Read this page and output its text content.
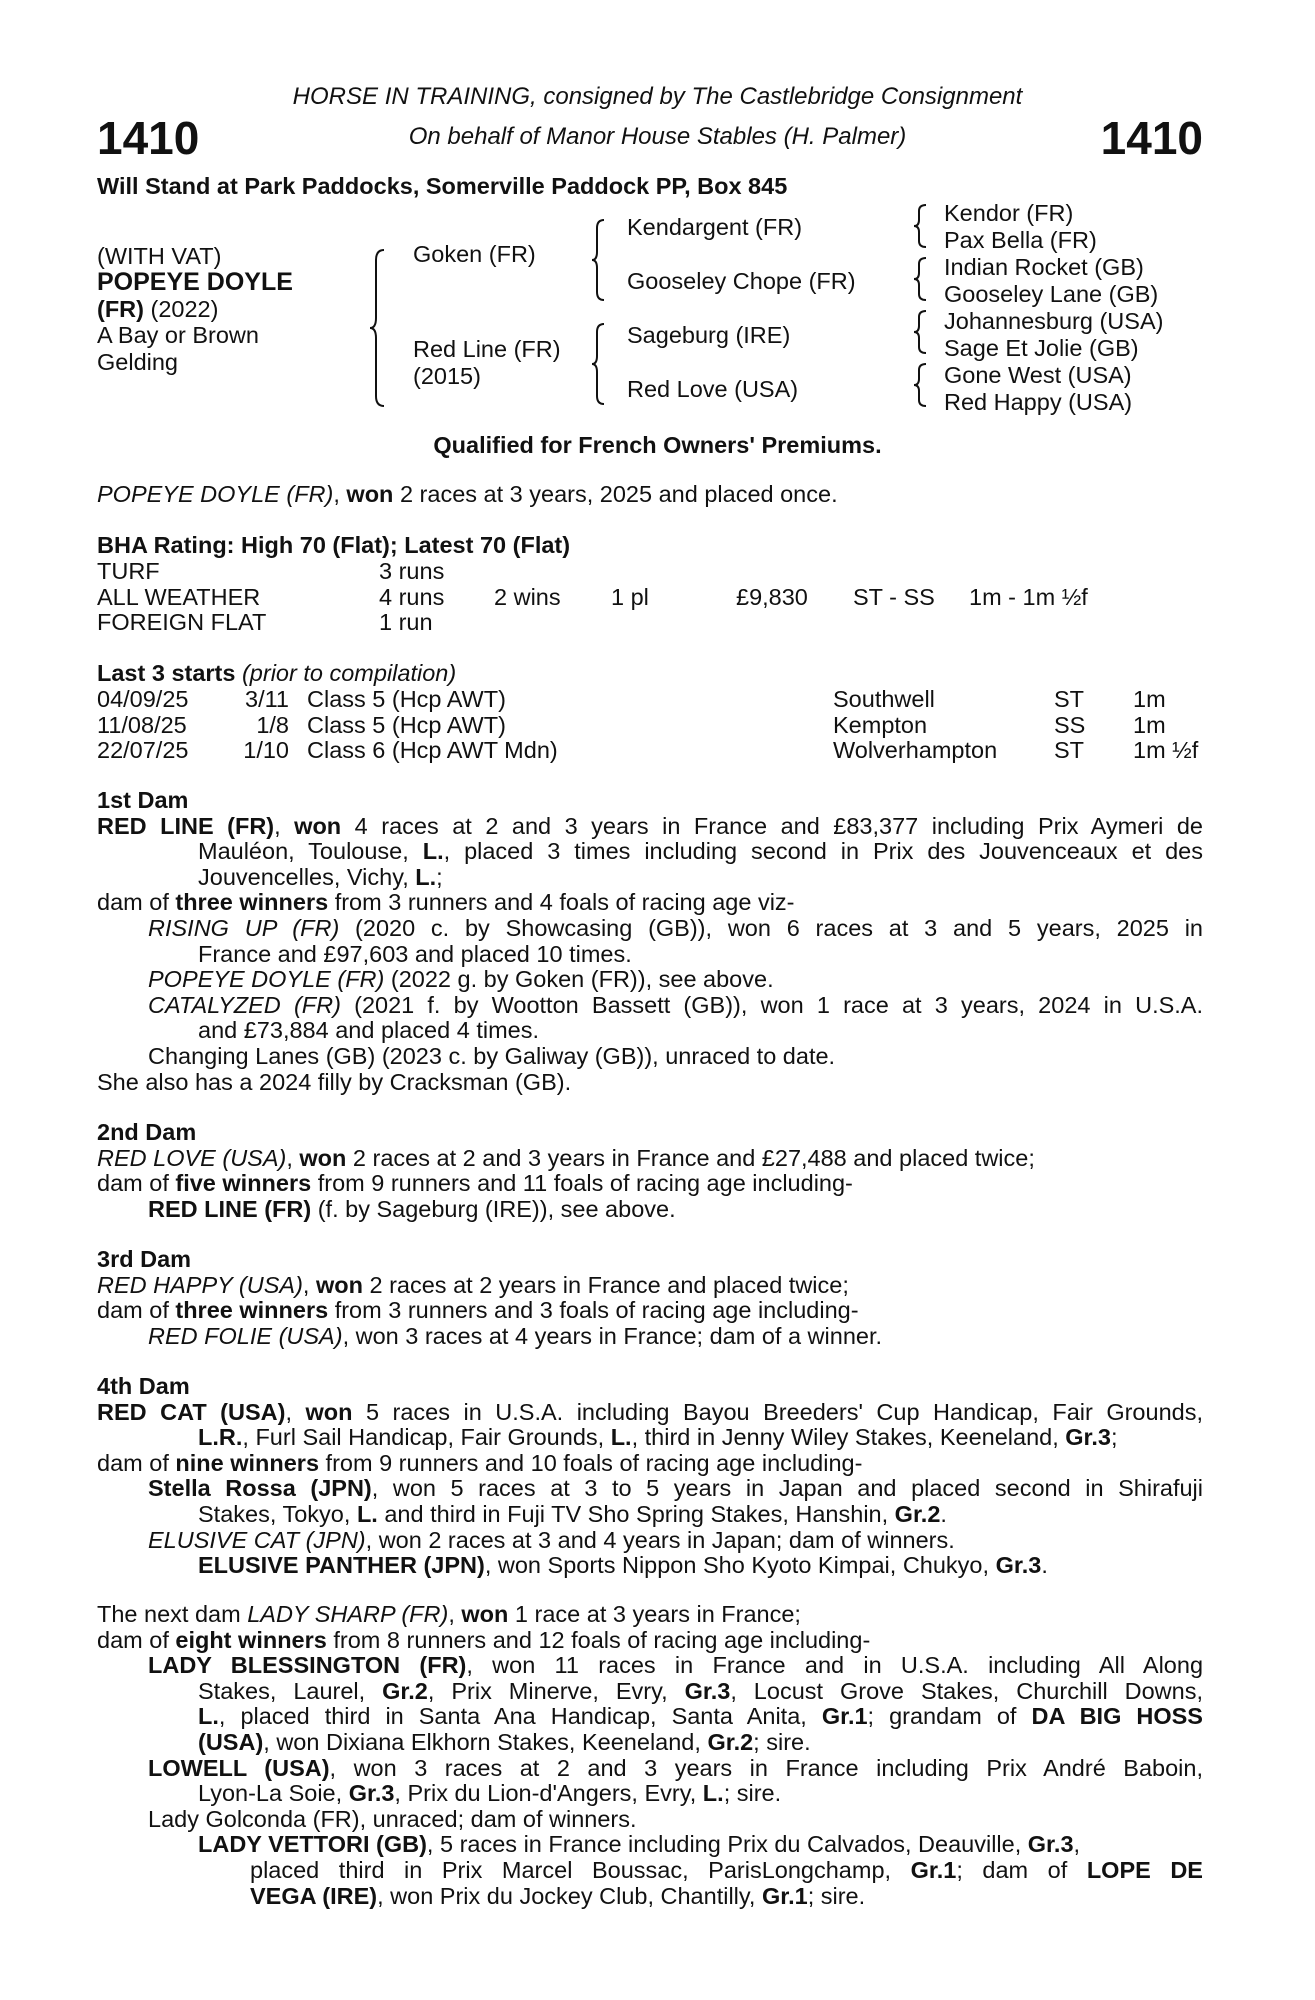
1410	1410
HORSE IN TRAINING, consigned by The Castlebridge Consignment
On behalf of Manor House Stables (H. Palmer)
Will Stand at Park Paddocks, Somerville Paddock PP, Box 845
(WITH VAT)
POPEYE DOYLE
(FR) (2022)
A Bay or Brown
Gelding
Goken (FR)
Red Line (FR)
(2015)
Kendargent (FR)
Gooseley Chope (FR)
Sageburg (IRE)
Red Love (USA)
Kendor (FR)
Pax Bella (FR)
Indian Rocket (GB)
Gooseley Lane (GB)
Johannesburg (USA)
Sage Et Jolie (GB)
Gone West (USA)
Red Happy (USA)
Qualified for French Owners' Premiums.
POPEYE DOYLE (FR), won 2 races at 3 years, 2025 and placed once.
BHA Rating: High 70 (Flat); Latest 70 (Flat)
TURF	3 runs					
ALL WEATHER	4 runs	2 wins	1 pl	£9,830	ST - SS	1m - 1m ½f
FOREIGN FLAT	1 run					
Last 3 starts (prior to compilation)
04/09/25	3/11	Class 5 (Hcp AWT)	Southwell	ST	1m
11/08/25	1/8	Class 5 (Hcp AWT)	Kempton	SS	1m
22/07/25	1/10	Class 6 (Hcp AWT Mdn)	Wolverhampton	ST	1m ½f
1st Dam
RED LINE (FR), won 4 races at 2 and 3 years in France and £83,377 including Prix Aymeri de
Mauléon, Toulouse, L., placed 3 times including second in Prix des Jouvenceaux et des
Jouvencelles, Vichy, L.;
dam of three winners from 3 runners and 4 foals of racing age viz-
RISING UP (FR) (2020 c. by Showcasing (GB)), won 6 races at 3 and 5 years, 2025 in
France and £97,603 and placed 10 times.
POPEYE DOYLE (FR) (2022 g. by Goken (FR)), see above.
CATALYZED (FR) (2021 f. by Wootton Bassett (GB)), won 1 race at 3 years, 2024 in U.S.A.
and £73,884 and placed 4 times.
Changing Lanes (GB) (2023 c. by Galiway (GB)), unraced to date.
She also has a 2024 filly by Cracksman (GB).
2nd Dam
RED LOVE (USA), won 2 races at 2 and 3 years in France and £27,488 and placed twice;
dam of five winners from 9 runners and 11 foals of racing age including-
RED LINE (FR) (f. by Sageburg (IRE)), see above.
3rd Dam
RED HAPPY (USA), won 2 races at 2 years in France and placed twice;
dam of three winners from 3 runners and 3 foals of racing age including-
RED FOLIE (USA), won 3 races at 4 years in France; dam of a winner.
4th Dam
RED CAT (USA), won 5 races in U.S.A. including Bayou Breeders' Cup Handicap, Fair Grounds,
L.R., Furl Sail Handicap, Fair Grounds, L., third in Jenny Wiley Stakes, Keeneland, Gr.3;
dam of nine winners from 9 runners and 10 foals of racing age including-
Stella Rossa (JPN), won 5 races at 3 to 5 years in Japan and placed second in Shirafuji
Stakes, Tokyo, L. and third in Fuji TV Sho Spring Stakes, Hanshin, Gr.2.
ELUSIVE CAT (JPN), won 2 races at 3 and 4 years in Japan; dam of winners.
ELUSIVE PANTHER (JPN), won Sports Nippon Sho Kyoto Kimpai, Chukyo, Gr.3.
The next dam LADY SHARP (FR), won 1 race at 3 years in France;
dam of eight winners from 8 runners and 12 foals of racing age including-
LADY BLESSINGTON (FR), won 11 races in France and in U.S.A. including All Along
Stakes, Laurel, Gr.2, Prix Minerve, Evry, Gr.3, Locust Grove Stakes, Churchill Downs,
L., placed third in Santa Ana Handicap, Santa Anita, Gr.1; grandam of DA BIG HOSS
(USA), won Dixiana Elkhorn Stakes, Keeneland, Gr.2; sire.
LOWELL (USA), won 3 races at 2 and 3 years in France including Prix André Baboin,
Lyon-La Soie, Gr.3, Prix du Lion-d'Angers, Evry, L.; sire.
Lady Golconda (FR), unraced; dam of winners.
LADY VETTORI (GB), 5 races in France including Prix du Calvados, Deauville, Gr.3,
placed third in Prix Marcel Boussac, ParisLongchamp, Gr.1; dam of LOPE DE
VEGA (IRE), won Prix du Jockey Club, Chantilly, Gr.1; sire.
